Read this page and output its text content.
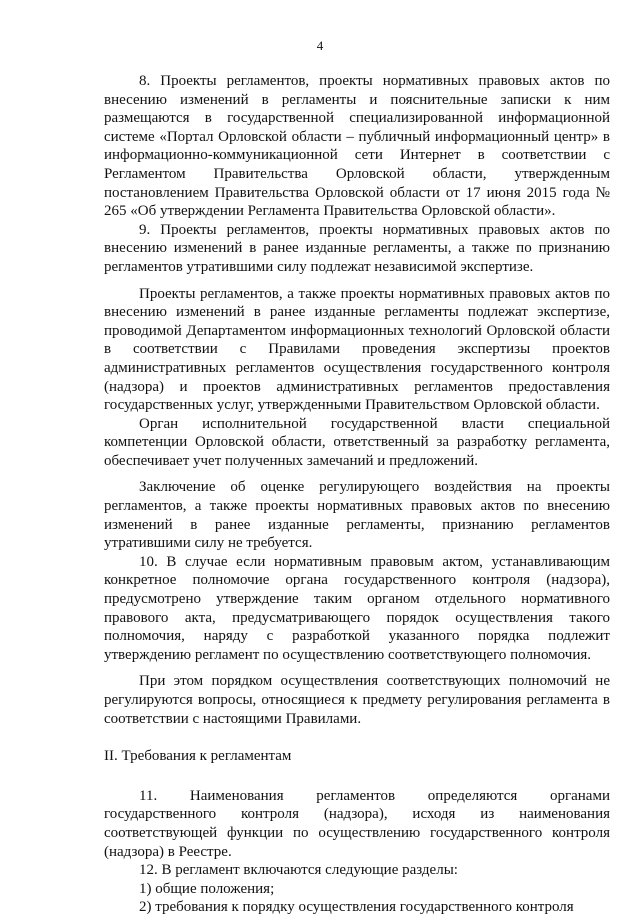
4

8. Проекты регламентов, проекты нормативных правовых актов по внесению изменений в регламенты и пояснительные записки к ним размещаются в государственной специализированной информационной системе «Портал Орловской области – публичный информационный центр» в информационно-коммуникационной сети Интернет в соответствии с Регламентом Правительства Орловской области, утвержденным постановлением Правительства Орловской области от 17 июня 2015 года № 265 «Об утверждении Регламента Правительства Орловской области».

9. Проекты регламентов, проекты нормативных правовых актов по внесению изменений в ранее изданные регламенты, а также по признанию регламентов утратившими силу подлежат независимой экспертизе.

Проекты регламентов, а также проекты нормативных правовых актов по внесению изменений в ранее изданные регламенты подлежат экспертизе, проводимой Департаментом информационных технологий Орловской области в соответствии с Правилами проведения экспертизы проектов административных регламентов осуществления государственного контроля (надзора) и проектов административных регламентов предоставления государственных услуг, утвержденными Правительством Орловской области.

Орган исполнительной государственной власти специальной компетенции Орловской области, ответственный за разработку регламента, обеспечивает учет полученных замечаний и предложений.

Заключение об оценке регулирующего воздействия на проекты регламентов, а также проекты нормативных правовых актов по внесению изменений в ранее изданные регламенты, признанию регламентов утратившими силу не требуется.

10. В случае если нормативным правовым актом, устанавливающим конкретное полномочие органа государственного контроля (надзора), предусмотрено утверждение таким органом отдельного нормативного правового акта, предусматривающего порядок осуществления такого полномочия, наряду с разработкой указанного порядка подлежит утверждению регламент по осуществлению соответствующего полномочия.

При этом порядком осуществления соответствующих полномочий не регулируются вопросы, относящиеся к предмету регулирования регламента в соответствии с настоящими Правилами.

II. Требования к регламентам

11. Наименования регламентов определяются органами государственного контроля (надзора), исходя из наименования соответствующей функции по осуществлению государственного контроля (надзора) в Реестре.

12. В регламент включаются следующие разделы:

1) общие положения;

2) требования к порядку осуществления государственного контроля
